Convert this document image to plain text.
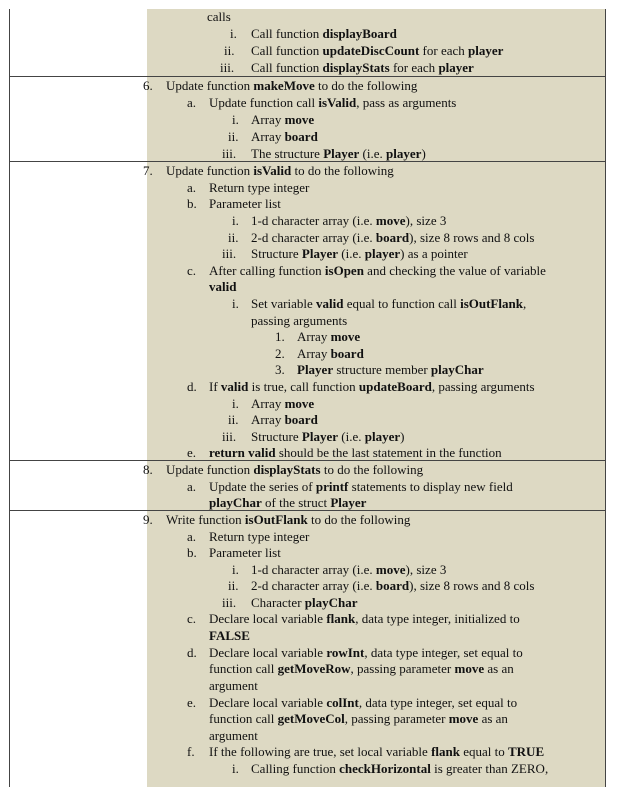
calls
i. Call function displayBoard
ii. Call function updateDiscCount for each player
iii. Call function displayStats for each player
6. Update function makeMove to do the following
a. Update function call isValid, pass as arguments
i. Array move
ii. Array board
iii. The structure Player (i.e. player)
7. Update function isValid to do the following
a. Return type integer
b. Parameter list
i. 1-d character array (i.e. move), size 3
ii. 2-d character array (i.e. board), size 8 rows and 8 cols
iii. Structure Player (i.e. player) as a pointer
c. After calling function isOpen and checking the value of variable
valid
i. Set variable valid equal to function call isOutFlank,
passing arguments
1. Array move
2. Array board
3. Player structure member playChar
d. If valid is true, call function updateBoard, passing arguments
i. Array move
ii. Array board
iii. Structure Player (i.e. player)
e. return valid should be the last statement in the function
8. Update function displayStats to do the following
a. Update the series of printf statements to display new field
playChar of the struct Player
9. Write function isOutFlank to do the following
a. Return type integer
b. Parameter list
i. 1-d character array (i.e. move), size 3
ii. 2-d character array (i.e. board), size 8 rows and 8 cols
iii. Character playChar
c. Declare local variable flank, data type integer, initialized to
FALSE
d. Declare local variable rowInt, data type integer, set equal to
function call getMoveRow, passing parameter move as an
argument
e. Declare local variable colInt, data type integer, set equal to
function call getMoveCol, passing parameter move as an
argument
f. If the following are true, set local variable flank equal to TRUE
i. Calling function checkHorizontal is greater than ZERO,
